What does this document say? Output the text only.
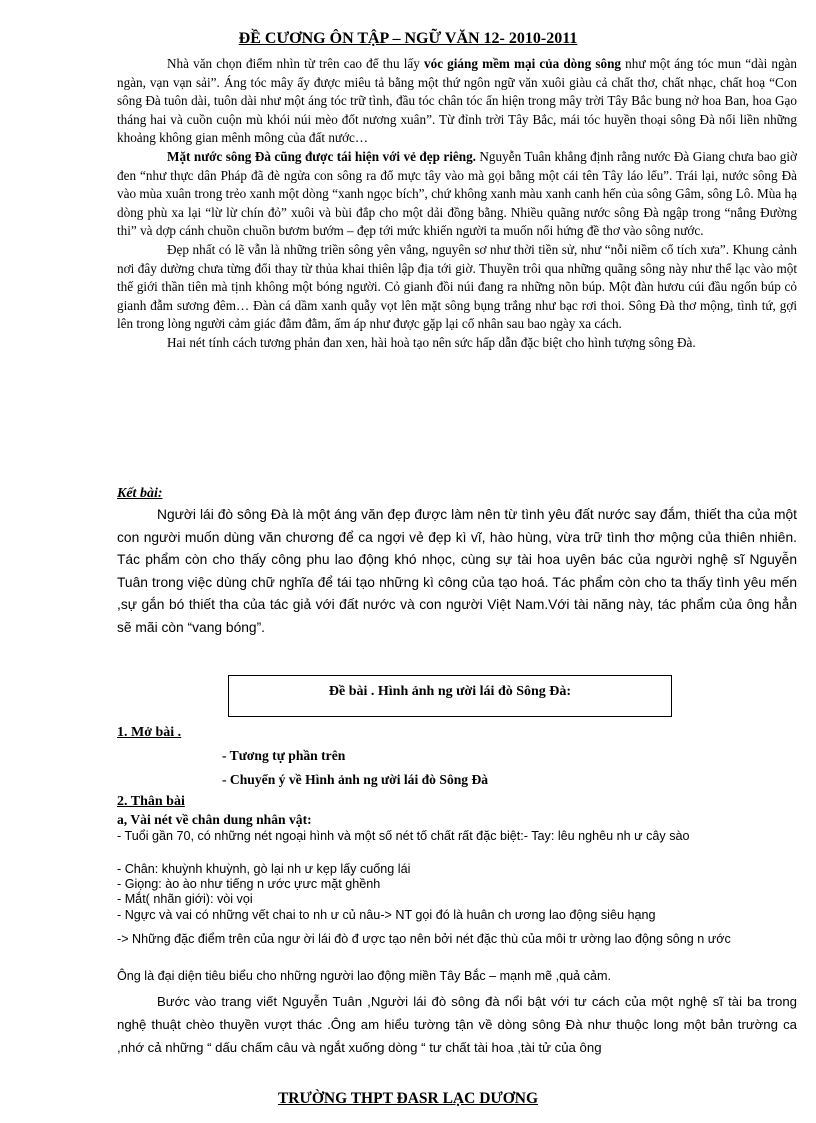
ĐỀ CƯƠNG ÔN TẬP – NGỮ VĂN 12- 2010-2011

Nhà văn chọn điểm nhìn từ trên cao để thu lấy vóc giáng mềm mại của dòng sông như một áng tóc mun “dài ngàn ngàn, vạn vạn sải”. Áng tóc mây ấy được miêu tả bằng một thứ ngôn ngữ văn xuôi giàu cả chất thơ, chất nhạc, chất hoạ “Con sông Đà tuôn dài, tuôn dài như một áng tóc trữ tình, đầu tóc chân tóc ẩn hiện trong mây trời Tây Bắc bung nở hoa Ban, hoa Gạo tháng hai và cuồn cuộn mù khói núi mèo đốt nương xuân”. Từ đỉnh trời Tây Bắc, mái tóc huyền thoại sông Đà nối liền những khoảng không gian mênh mông của đất nước…

Mặt nước sông Đà cũng được tái hiện với vẻ đẹp riêng. Nguyễn Tuân khẳng định rằng nước Đà Giang chưa bao giờ đen “như thực dân Pháp đã đè ngửa con sông ra đổ mực tây vào mà gọi bằng một cái tên Tây láo lếu”. Trái lại, nước sông Đà vào mùa xuân trong trẻo xanh một dòng “xanh ngọc bích”, chứ không xanh màu xanh canh hến của sông Gâm, sông Lô. Mùa hạ dòng phù xa lại “lừ lừ chín đỏ” xuôi và bùi đắp cho một dải đồng bằng. Nhiều quãng nước sông Đà ngập trong “nắng Đường thi” và dợp cánh chuồn chuồn bươm bướm – đẹp tới mức khiến người ta muốn nổi hứng đề thơ vào sông nước.

Đẹp nhất có lẽ vẫn là những triền sông yên vắng, nguyên sơ như thời tiền sử, như “nỗi niềm cổ tích xưa”. Khung cảnh nơi đây dường chưa từng đổi thay từ thủa khai thiên lập địa tới giờ. Thuyền trôi qua những quãng sông này như thể lạc vào một thế giới thần tiên mà tịnh không một bóng người. Cỏ gianh đồi núi đang ra những nõn búp. Một đàn hươu cúi đầu ngốn búp cỏ gianh đẫm sương đêm… Đàn cá dầm xanh quẫy vọt lên mặt sông bụng trắng như bạc rơi thoi. Sông Đà thơ mộng, tình tứ, gợi lên trong lòng người cảm giác đằm đằm, ấm áp như được gặp lại cố nhân sau bao ngày xa cách.

Hai nét tính cách tương phản đan xen, hài hoà tạo nên sức hấp dẫn đặc biệt cho hình tượng sông Đà.

Kết bài:
Người lái đò sông Đà là một áng văn đẹp được làm nên từ tình yêu đất nước say đắm, thiết tha của một con người muốn dùng văn chương để ca ngợi vẻ đẹp kì vĩ, hào hùng, vừa trữ tình thơ mộng của thiên nhiên. Tác phẩm còn cho thấy công phu lao động khó nhọc, cùng sự tài hoa uyên bác của người nghệ sĩ Nguyễn Tuân trong việc dùng chữ nghĩa để tái tạo những kì công của tạo hoá. Tác phẩm còn cho ta thấy tình yêu mến ,sự gắn bó thiết tha của tác giả với đất nước và con người Việt Nam.Với tài năng này, tác phẩm của ông hẳn sẽ mãi còn “vang bóng”.
Đề bài . Hình ảnh ng ười lái đò Sông Đà:
1. Mở bài .
- Tương tự phần trên
- Chuyển ý về Hình ảnh ng ười lái đò Sông Đà
2. Thân bài
a, Vài nét về chân dung nhân vật:
- Tuổi gần 70, có những nét ngoại hình và một số nét tố chất rất đặc biệt:- Tay: lêu nghêu nh ư cây sào
- Chân: khuỳnh khuỳnh, gò lại nh ư kẹp lấy cuống lái
- Giọng: ào ào như tiếng n ước ựưc mặt ghềnh
- Mắt( nhãn giới): vòi vọi
- Ngực và vai có những vết chai to nh ư củ nâu-> NT gọi đó là huân ch ương lao động siêu hạng
-> Những đặc điểm trên của ngư ời lái đò đ ược tạo nên bởi nét đặc thù của môi tr ường lao động sông n ước
Ông là đại diện tiêu biểu cho những người lao động miền Tây Bắc – mạnh mẽ ,quả cảm.
Bước vào trang viết Nguyễn Tuân ,Người lái đò sông đà nổi bật với tư cách của một nghệ sĩ tài ba trong nghệ thuật chèo thuyền vượt thác .Ông am hiểu tường tận về dòng sông Đà như thuộc long một bản trường ca ,nhớ cả những “ dấu chấm câu và ngắt xuống dòng “ tư chất tài hoa ,tài tử của ông
TRƯỜNG THPT ĐASR LẠC DƯƠNG
